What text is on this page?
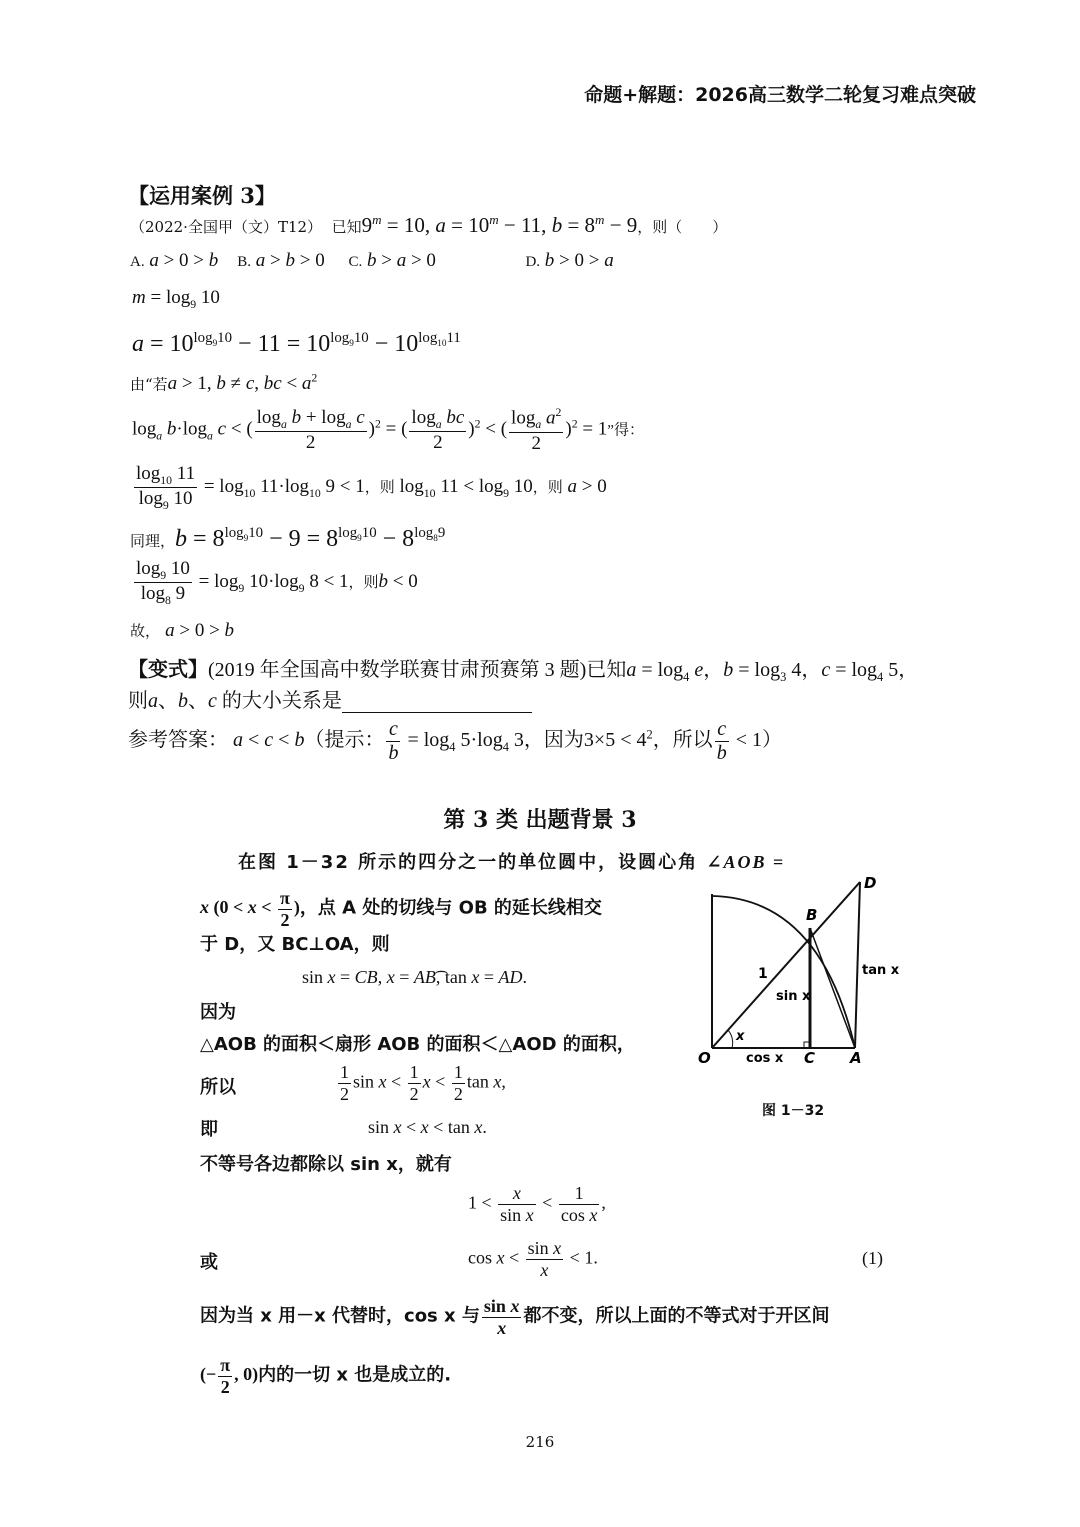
命题+解题：2026高三数学二轮复习难点突破
【运用案例 3】
（2022·全国甲（文）T12） 已知$9^m = 10$, $a = 10^m - 11$, $b = 8^m - 9$，则（　　）
A. a > 0 > b B. a > b > 0     C. b > a > 0	D. b > 0 > a
$m = \log_9 10$
$a = 10^{log_910} - 11 = 10^{log_910} - 10^{log_{10}11}$
由“若a > 1, b ≠ c, bc < $a^2$
$\log_a b\cdot\log_a$ c < ( $\frac{\log_a b + \log_a c}{2} )^2$ = ( $\frac{\log_a bc}{2} )^2$ < ( $\frac{\log_a a^2}{2} )^2 = 1$”得：
$\frac{\log_{10} 11}{\log_9 10} = \log_{10} 11\cdot\log_{10}$ 9 < 1，则 $\log_{10} 11 < \log_9 10$，则 a > 0
同理，$b = 8^{log_910} - 9 = 8^{log_910} - 8^{log_89}$
$\frac{\log_9 10}{\log_8 9} = \log_9 10\cdot\log_9$ 8 < 1，则b < 0
故， a > 0 > b
【变式】(2019 年全国高中数学联赛甘肃预赛第 3 题)已知$a = \log_4 e$，$b = \log_3 4$，$c = \log_4 5$，
则a、b、c 的大小关系是
参考答案： a < c < b（提示： $\frac{c}{b} = \log_4 5\cdot\log_4$ 3，因为$3\times 5 < 4^2$，所以 $\frac{c}{b} < 1$）
第 3 类 出题背景 3
在图 1－32 所示的四分之一的单位圆中，设圆心角 ∠AOB =
x ($0 < x < \frac{\pi}{2}$ )，点 A 处的切线与 OB 的延长线相交
于 D，又 BC⊥OA，则
sin x = CB, x = AB͡, tan x = AD.
因为
△AOB 的面积＜扇形 AOB 的面积＜△AOD 的面积，
所以	$\frac{1}{2}$ $\sin x < \frac{1}{2}$ $x < \frac{1}{2}$ tan x,
即	sin x < x < tan x.
不等号各边都除以 sin x，就有
$1 < \frac{x}{\text{sin x}} < \frac{1}{\text{cos x}}$ ,
或	$\cos x < \frac{\text{sin x}}{x} < 1$.	(1)
因为当 x 用－x 代替时，cos x 与 $\frac{\text{sin x}}{x}$ 都不变，所以上面的不等式对于开区间
(− $\frac{\pi}{2}$ , 0)内的一切 x 也是成立的.
O	A
B
C
D
1
x
sin x
cos x
tan x
图 1－32
216
